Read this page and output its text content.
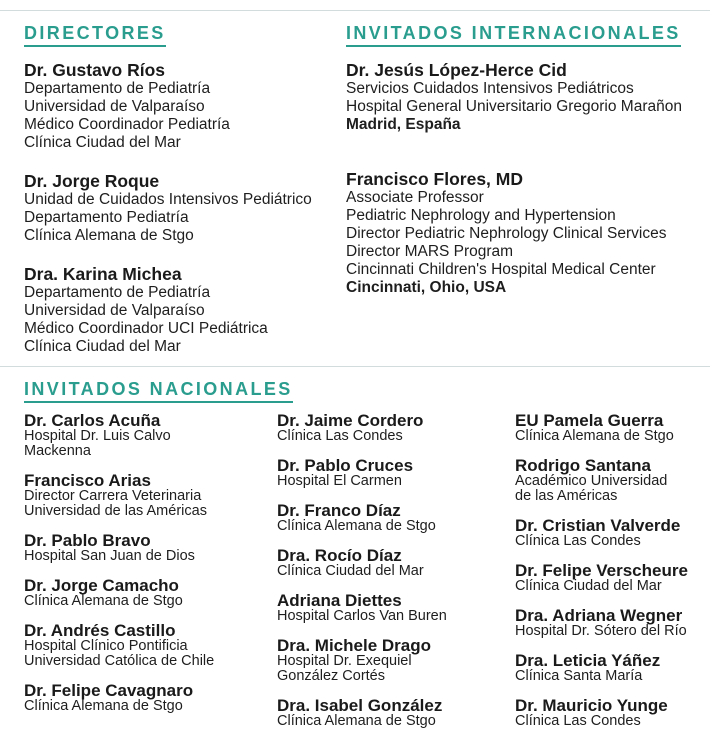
DIRECTORES
Dr. Gustavo Ríos
Departamento de Pediatría
Universidad de Valparaíso
Médico Coordinador Pediatría
Clínica Ciudad del Mar
Dr. Jorge Roque
Unidad de Cuidados Intensivos Pediátrico
Departamento Pediatría
Clínica Alemana de Stgo
Dra. Karina Michea
Departamento de Pediatría
Universidad de Valparaíso
Médico Coordinador UCI Pediátrica
Clínica Ciudad del Mar
INVITADOS INTERNACIONALES
Dr. Jesús López-Herce Cid
Servicios Cuidados Intensivos Pediátricos
Hospital General Universitario Gregorio Marañon
Madrid, España
Francisco Flores, MD
Associate Professor
Pediatric Nephrology and Hypertension
Director Pediatric Nephrology Clinical Services
Director MARS Program
Cincinnati Children's Hospital Medical Center
Cincinnati, Ohio, USA
INVITADOS NACIONALES
Dr. Carlos Acuña
Hospital Dr. Luis Calvo
Mackenna
Francisco Arias
Director Carrera Veterinaria
Universidad de las Américas
Dr. Pablo Bravo
Hospital San Juan de Dios
Dr. Jorge Camacho
Clínica Alemana de Stgo
Dr. Andrés Castillo
Hospital Clínico Pontificia
Universidad Católica de Chile
Dr. Felipe Cavagnaro
Clínica Alemana de Stgo
Dr. Jaime Cordero
Clínica Las Condes
Dr. Pablo Cruces
Hospital El Carmen
Dr. Franco Díaz
Clínica Alemana de Stgo
Dra. Rocío Díaz
Clínica Ciudad del Mar
Adriana Diettes
Hospital Carlos Van Buren
Dra. Michele Drago
Hospital Dr. Exequiel
González Cortés
Dra. Isabel González
Clínica Alemana de Stgo
EU Pamela Guerra
Clínica Alemana de Stgo
Rodrigo Santana
Académico Universidad
de las Américas
Dr. Cristian Valverde
Clínica Las Condes
Dr. Felipe Verscheure
Clínica Ciudad del Mar
Dra. Adriana Wegner
Hospital Dr. Sótero del Río
Dra. Leticia Yáñez
Clínica Santa María
Dr. Mauricio Yunge
Clínica Las Condes
